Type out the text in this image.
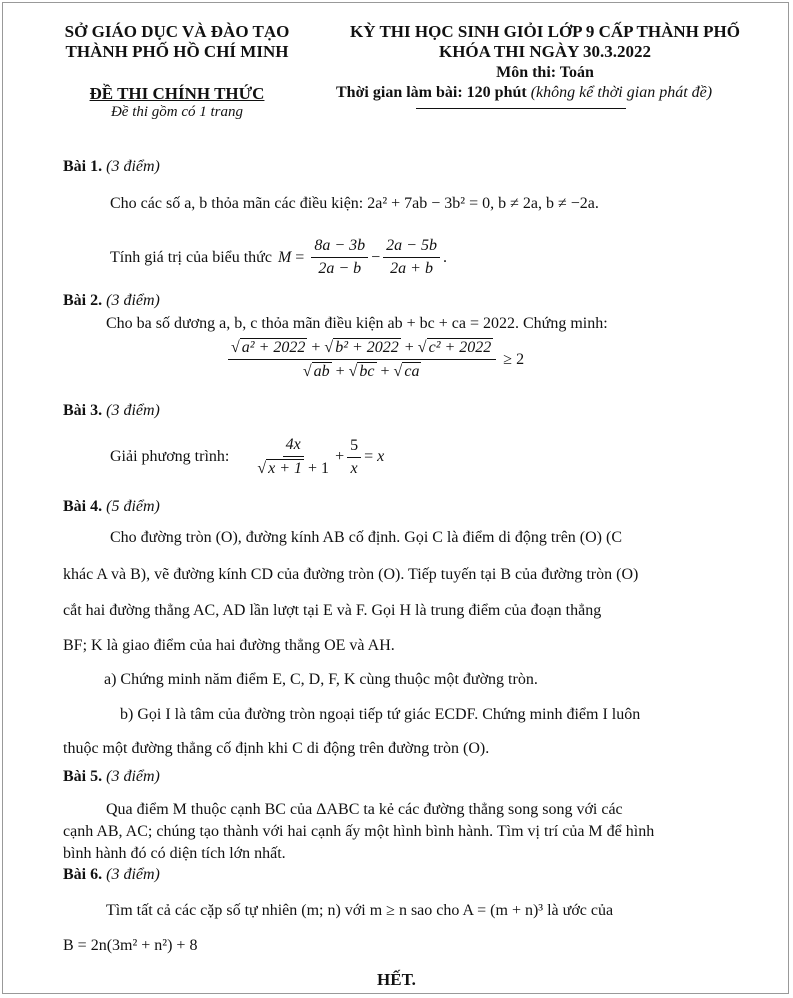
SỞ GIÁO DỤC VÀ ĐÀO TẠO
THÀNH PHỐ HỒ CHÍ MINH
ĐỀ THI CHÍNH THỨC
Đề thi gồm có 1 trang
KỲ THI HỌC SINH GIỎI LỚP 9 CẤP THÀNH PHỐ
KHÓA THI NGÀY 30.3.2022
Môn thi: Toán
Thời gian làm bài: 120 phút (không kể thời gian phát đề)
Bài 1. (3 điểm)
Cho các số a, b thỏa mãn các điều kiện: 2a² + 7ab − 3b² = 0, b ≠ 2a, b ≠ −2a.
Tính giá trị của biểu thức $M = \frac{8a - 3b}{2a - b} - \frac{2a - 5b}{2a + b}$ .
Bài 2. (3 điểm)
Cho ba số dương a, b, c thỏa mãn điều kiện ab + bc + ca = 2022. Chứng minh:
$\frac{\text{√ a² + 2022 + √ b² + 2022 + √ c² + 2022}}{√ ab + √ bc + √ ca} \ge 2$
Bài 3. (3 điểm)
Giải phương trình: $\frac{4x}{√ x + 1 + 1} + \frac{5}{x} = x$
Bài 4. (5 điểm)
Cho đường tròn (O), đường kính AB cố định. Gọi C là điểm di động trên (O) (C
khác A và B), vẽ đường kính CD của đường tròn (O). Tiếp tuyến tại B của đường tròn (O)
cắt hai đường thẳng AC, AD lần lượt tại E và F. Gọi H là trung điểm của đoạn thẳng
BF; K là giao điểm của hai đường thẳng OE và AH.
a) Chứng minh năm điểm E, C, D, F, K cùng thuộc một đường tròn.
b) Gọi I là tâm của đường tròn ngoại tiếp tứ giác ECDF. Chứng minh điểm I luôn
thuộc một đường thẳng cố định khi C di động trên đường tròn (O).
Bài 5. (3 điểm)
Qua điểm M thuộc cạnh BC của ΔABC ta kẻ các đường thẳng song song với các
cạnh AB, AC; chúng tạo thành với hai cạnh ấy một hình bình hành. Tìm vị trí của M để hình
bình hành đó có diện tích lớn nhất.
Bài 6. (3 điểm)
Tìm tất cả các cặp số tự nhiên (m; n) với m ≥ n sao cho A = (m + n)³ là ước của
B = 2n(3m² + n²) + 8
HẾT.
